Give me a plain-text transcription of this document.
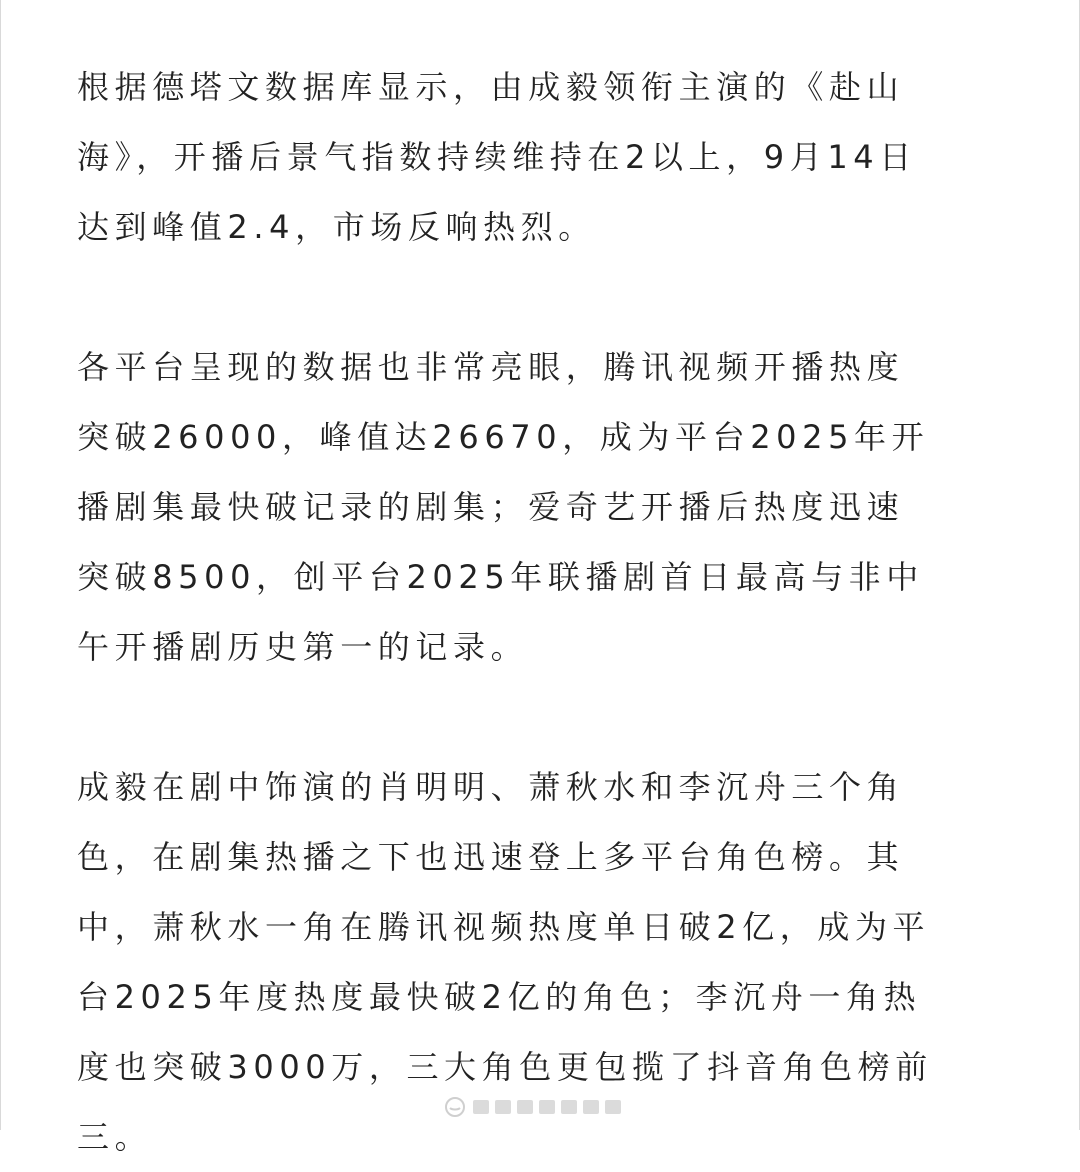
根据德塔文数据库显示，由成毅领衔主演的《赴山
海》，开播后景气指数持续维持在2以上，9月14日
达到峰值2.4，市场反响热烈。
各平台呈现的数据也非常亮眼，腾讯视频开播热度
突破26000，峰值达26670，成为平台2025年开
播剧集最快破记录的剧集；爱奇艺开播后热度迅速
突破8500，创平台2025年联播剧首日最高与非中
午开播剧历史第一的记录。
成毅在剧中饰演的肖明明、萧秋水和李沉舟三个角
色，在剧集热播之下也迅速登上多平台角色榜。其
中，萧秋水一角在腾讯视频热度单日破2亿，成为平
台2025年度热度最快破2亿的角色；李沉舟一角热
度也突破3000万，三大角色更包揽了抖音角色榜前
三。
